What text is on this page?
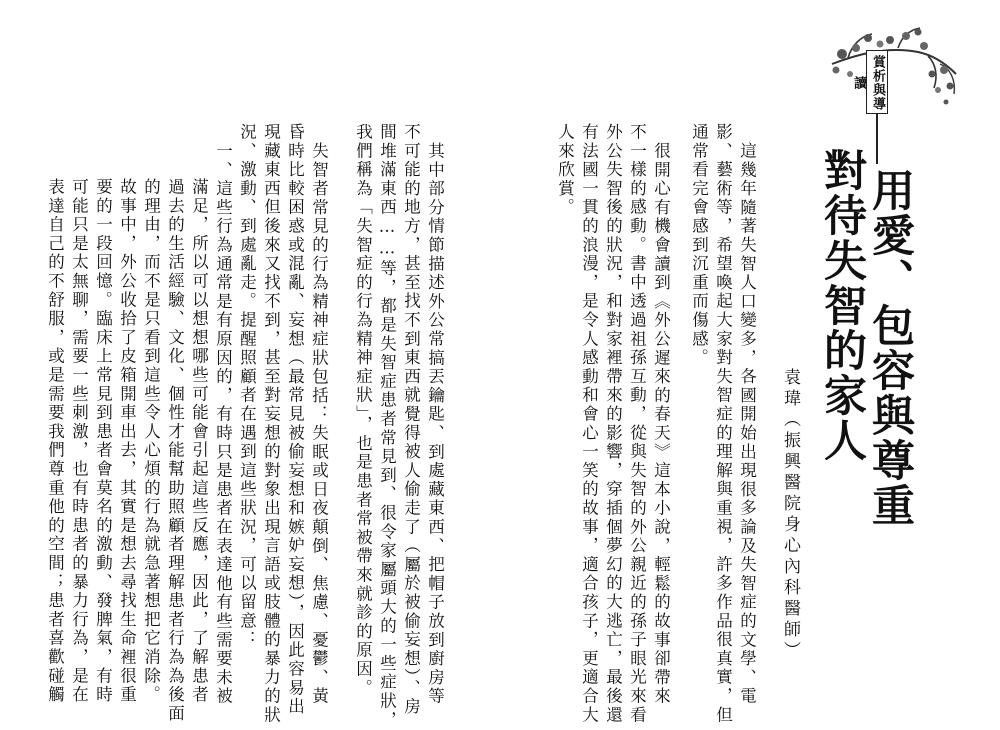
賞析與導讀
用愛、包容與尊重
對待失智的家人
袁瑋（振興醫院身心內科醫師）
這幾年隨著失智人口變多，各國開始出現很多論及失智症的文學、電
影、藝術等，希望喚起大家對失智症的理解與重視，許多作品很真實，但
通常看完會感到沉重而傷感。
很開心有機會讀到《外公遲來的春天》這本小說，輕鬆的故事卻帶來
不一樣的感動。書中透過祖孫互動，從與失智的外公親近的孫子眼光來看
外公失智後的狀況，和對家裡帶來的影響，穿插個夢幻的大逃亡，最後還
有法國一貫的浪漫，是令人感動和會心一笑的故事，適合孩子，更適合大
人來欣賞。
其中部分情節描述外公常搞丟鑰匙、到處藏東西、把帽子放到廚房等
不可能的地方，甚至找不到東西就覺得被人偷走了（屬於被偷妄想）、房
間堆滿東西……等，都是失智症患者常見到、很令家屬頭大的一些症狀，
我們稱為「失智症的行為精神症狀」，也是患者常被帶來就診的原因。
失智者常見的行為精神症狀包括：失眠或日夜顛倒、焦慮、憂鬱、黃
昏時比較困惑或混亂、妄想（最常見被偷妄想和嫉妒妄想），因此容易出
現藏東西但後來又找不到，甚至對妄想的對象出現言語或肢體的暴力的狀
況、激動、到處亂走。提醒照顧者在遇到這些狀況，可以留意：
一、這些行為通常是有原因的，有時只是患者在表達他有些需要未被
滿足，所以可以想想哪些可能會引起這些反應，因此，了解患者
過去的生活經驗、文化、個性才能幫助照顧者理解患者行為為後面
的理由，而不是只看到這些令人心煩的行為就急著想把它消除。
故事中，外公收拾了皮箱開車出去，其實是想去尋找生命裡很重
要的一段回憶。臨床上常見到患者會莫名的激動、發脾氣，有時
可能只是太無聊，需要一些刺激，也有時患者的暴力行為，是在
表達自己的不舒服，或是需要我們尊重他的空間；患者喜歡碰觸
